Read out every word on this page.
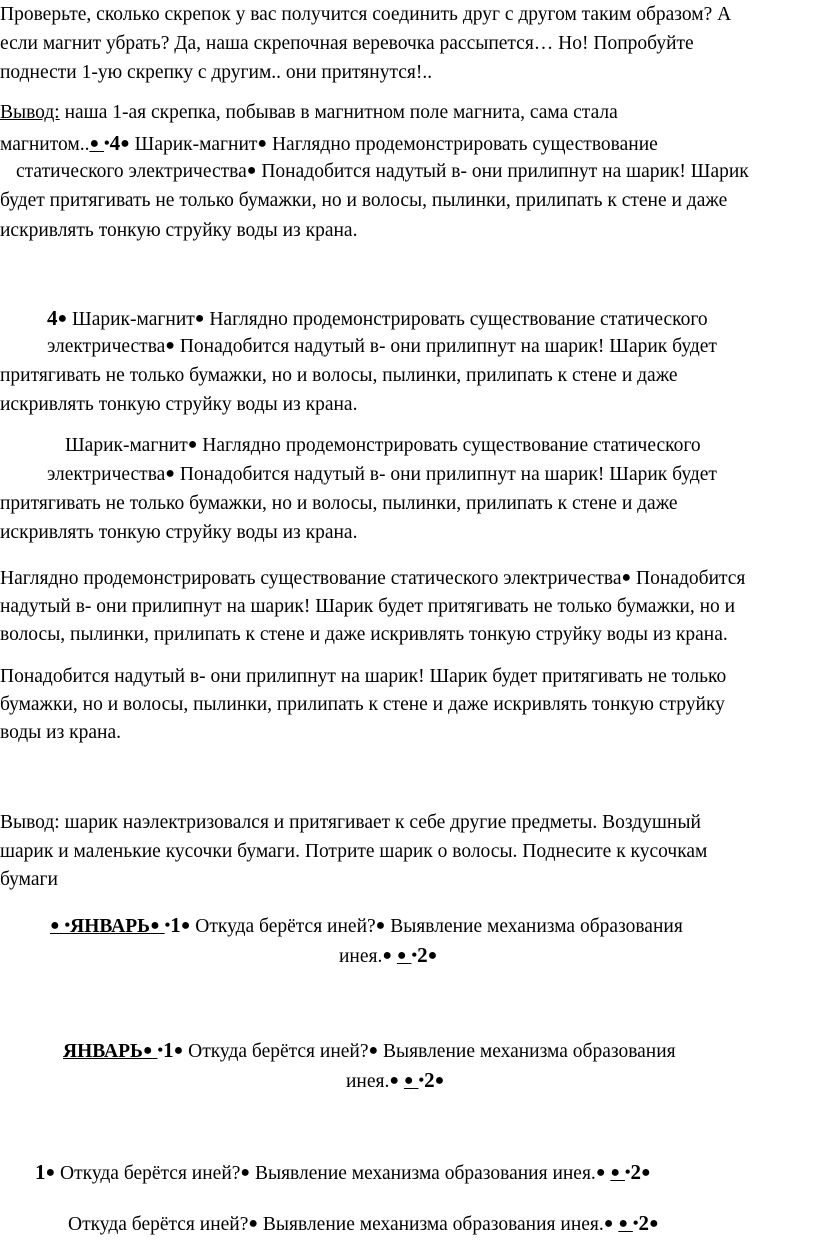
Проверьте, сколько скрепок у вас получится соединить друг с другом таким образом? А
если магнит убрать? Да, наша скрепочная веревочка рассыпется… Но! Попробуйте
поднести 1-ую скрепку с другим.. они притянутся!..
Вывод: наша 1-ая скрепка, побывав в магнитном поле магнита, сама стала
магнитом..● •4● Шарик-магнит● Наглядно продемонстрировать существование
статического электричества● Понадобится надутый в- они прилипнут на шарик! Шарик
будет притягивать не только бумажки, но и волосы, пылинки, прилипать к стене и даже
искривлять тонкую струйку воды из крана.
4● Шарик-магнит● Наглядно продемонстрировать существование статического
электричества● Понадобится надутый в- они прилипнут на шарик! Шарик будет
притягивать не только бумажки, но и волосы, пылинки, прилипать к стене и даже
искривлять тонкую струйку воды из крана.
Шарик-магнит● Наглядно продемонстрировать существование статического
электричества● Понадобится надутый в- они прилипнут на шарик! Шарик будет
притягивать не только бумажки, но и волосы, пылинки, прилипать к стене и даже
искривлять тонкую струйку воды из крана.
Наглядно продемонстрировать существование статического электричества● Понадобится
надутый в- они прилипнут на шарик! Шарик будет притягивать не только бумажки, но и
волосы, пылинки, прилипать к стене и даже искривлять тонкую струйку воды из крана.
Понадобится надутый в- они прилипнут на шарик! Шарик будет притягивать не только
бумажки, но и волосы, пылинки, прилипать к стене и даже искривлять тонкую струйку
воды из крана.
Вывод: шарик наэлектризовался и притягивает к себе другие предметы. Воздушный
шарик и маленькие кусочки бумаги. Потрите шарик о волосы. Поднесите к кусочкам
бумаги
● •ЯНВАРЬ● •1● Откуда берётся иней?● Выявление механизма образования
инея.● ● •2●
ЯНВАРЬ● •1● Откуда берётся иней?● Выявление механизма образования
инея.● ● •2●
1● Откуда берётся иней?● Выявление механизма образования инея.● ● •2●
Откуда берётся иней?● Выявление механизма образования инея.● ● •2●
